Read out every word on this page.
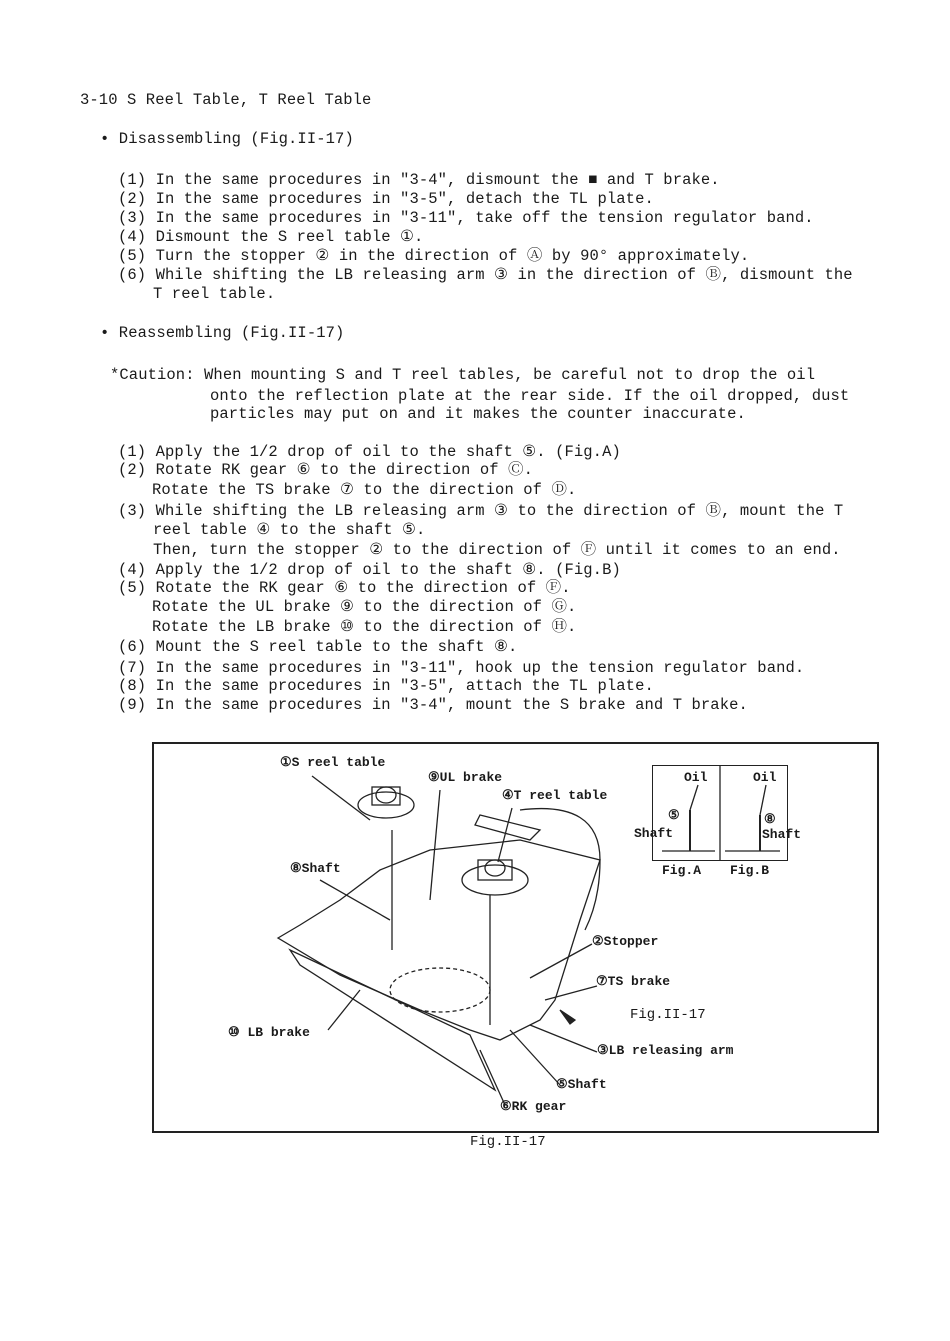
3-10 S Reel Table, T Reel Table
• Disassembling (Fig.II-17)
(1) In the same procedures in "3-4", dismount the ■ and T brake.
(2) In the same procedures in "3-5", detach the TL plate.
(3) In the same procedures in "3-11", take off the tension regulator band.
(4) Dismount the S reel table ①.
(5) Turn the stopper ② in the direction of Ⓐ by 90° approximately.
(6) While shifting the LB releasing arm ③ in the direction of Ⓑ, dismount the
T reel table.
• Reassembling (Fig.II-17)
*Caution: When mounting S and T reel tables, be careful not to drop the oil
onto the reflection plate at the rear side. If the oil dropped, dust
particles may put on and it makes the counter inaccurate.
(1) Apply the 1/2 drop of oil to the shaft ⑤. (Fig.A)
(2) Rotate RK gear ⑥ to the direction of Ⓒ.
Rotate the TS brake ⑦ to the direction of Ⓓ.
(3) While shifting the LB releasing arm ③ to the direction of Ⓑ, mount the T
reel table ④ to the shaft ⑤.
Then, turn the stopper ② to the direction of Ⓕ until it comes to an end.
(4) Apply the 1/2 drop of oil to the shaft ⑧. (Fig.B)
(5) Rotate the RK gear ⑥ to the direction of Ⓕ.
Rotate the UL brake ⑨ to the direction of Ⓖ.
Rotate the LB brake ⑩ to the direction of Ⓗ.
(6) Mount the S reel table to the shaft ⑧.
(7) In the same procedures in "3-11", hook up the tension regulator band.
(8) In the same procedures in "3-5", attach the TL plate.
(9) In the same procedures in "3-4", mount the S brake and T brake.
①S reel table
⑨UL brake
④T reel table
⑧Shaft
②Stopper
⑦TS brake
Fig.II-17
⑩ LB brake
③LB releasing arm
⑤Shaft
⑥RK gear
Oil	Oil
⑤	⑧
Shaft	Shaft
Fig.A Fig.B
Fig.II-17
